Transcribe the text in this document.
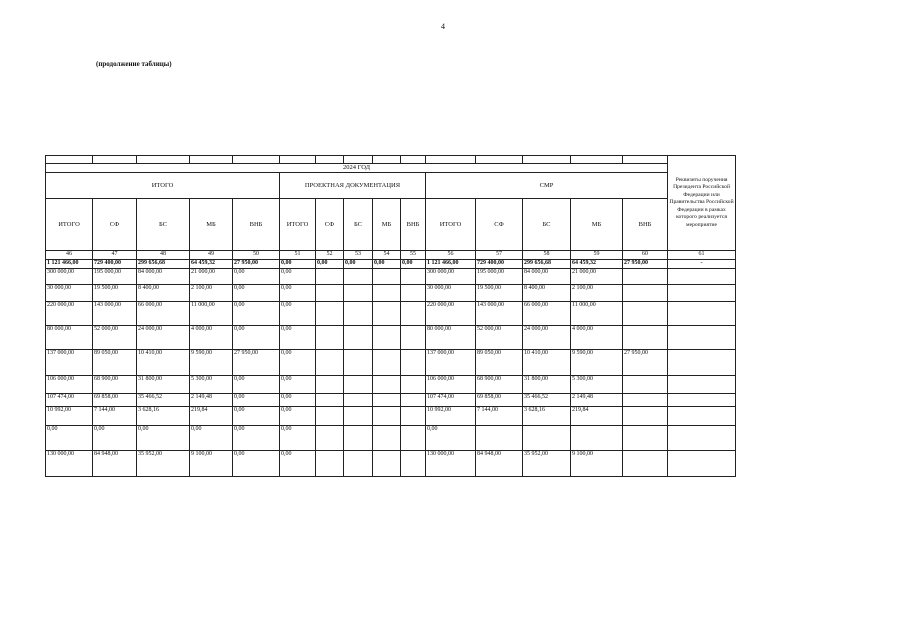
4
(продолжение таблицы)
															Реквизиты поручения Президента Российской Федерации или Правительства Российской Федерации в рамках которого реализуется мероприятие
2024 ГОД															
ИТОГО					ПРОЕКТНАЯ ДОКУМЕНТАЦИЯ					СМР					
ИТОГО	СФ	БС	МБ	ВНБ	ИТОГО	СФ	БС	МБ	ВНБ	ИТОГО	СФ	БС	МБ	ВНБ	
46	47	48	49	50	51	52	53	54	55	56	57	58	59	60	61
1 121 466,00	729 400,00	299 656,68	64 459,32	27 950,00	0,00	0,00	0,00	0,00	0,00	1 121 466,00	729 400,00	299 656,68	64 459,32	27 950,00	-
300 000,00	195 000,00	84 000,00	21 000,00	0,00	0,00					300 000,00	195 000,00	84 000,00	21 000,00		
30 000,00	19 500,00	8 400,00	2 100,00	0,00	0,00					30 000,00	19 500,00	8 400,00	2 100,00		
220 000,00	143 000,00	66 000,00	11 000,00	0,00	0,00					220 000,00	143 000,00	66 000,00	11 000,00		
80 000,00	52 000,00	24 000,00	4 000,00	0,00	0,00					80 000,00	52 000,00	24 000,00	4 000,00		
137 000,00	89 050,00	10 410,00	9 590,00	27 950,00	0,00					137 000,00	89 050,00	10 410,00	9 590,00	27 950,00	
106 000,00	68 900,00	31 800,00	5 300,00	0,00	0,00					106 000,00	68 900,00	31 800,00	5 300,00		
107 474,00	69 858,00	35 466,52	2 149,48	0,00	0,00					107 474,00	69 858,00	35 466,52	2 149,48		
10 992,00	7 144,00	3 628,16	219,84	0,00	0,00					10 992,00	7 144,00	3 628,16	219,84		
0,00	0,00	0,00	0,00	0,00	0,00					0,00					
130 000,00	84 948,00	35 952,00	9 100,00	0,00	0,00					130 000,00	84 948,00	35 952,00	9 100,00		
